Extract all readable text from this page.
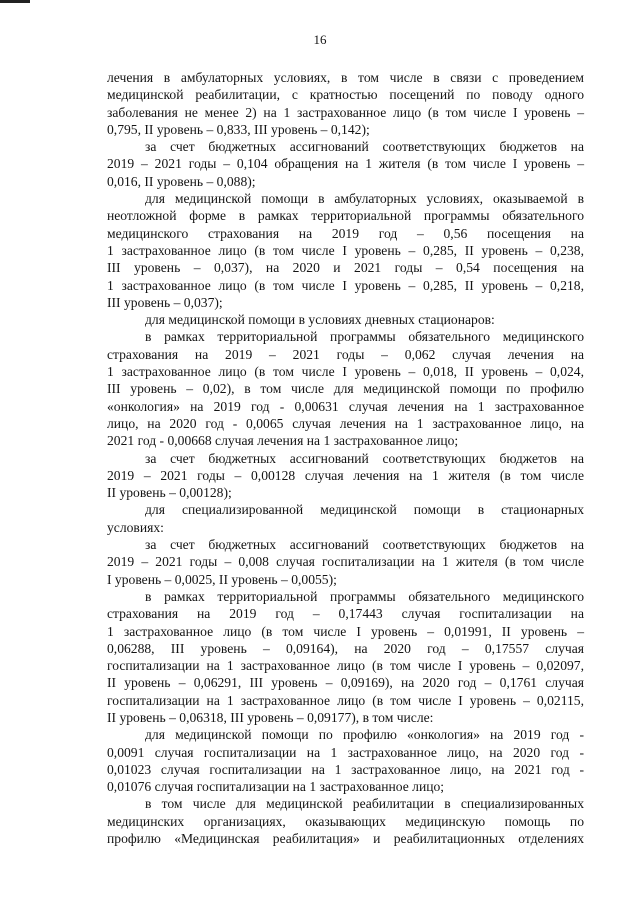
16
лечения в амбулаторных условиях, в том числе в связи с проведением
медицинской реабилитации, с кратностью посещений по поводу одного
заболевания не менее 2) на 1 застрахованное лицо (в том числе I уровень –
0,795, II уровень – 0,833, III уровень – 0,142);
за счет бюджетных ассигнований соответствующих бюджетов на
2019 – 2021 годы – 0,104 обращения на 1 жителя (в том числе I уровень –
0,016, II уровень – 0,088);
для медицинской помощи в амбулаторных условиях, оказываемой в
неотложной форме в рамках территориальной программы обязательного
медицинского страхования на 2019 год – 0,56 посещения на
1 застрахованное лицо (в том числе I уровень – 0,285, II уровень – 0,238,
III уровень – 0,037), на 2020 и 2021 годы – 0,54 посещения на
1 застрахованное лицо (в том числе I уровень – 0,285, II уровень – 0,218,
III уровень – 0,037);
для медицинской помощи в условиях дневных стационаров:
в рамках территориальной программы обязательного медицинского
страхования на 2019 – 2021 годы – 0,062 случая лечения на
1 застрахованное лицо (в том числе I уровень – 0,018, II уровень – 0,024,
III уровень – 0,02), в том числе для медицинской помощи по профилю
«онкология» на 2019 год - 0,00631 случая лечения на 1 застрахованное
лицо, на 2020 год - 0,0065 случая лечения на 1 застрахованное лицо, на
2021 год - 0,00668 случая лечения на 1 застрахованное лицо;
за счет бюджетных ассигнований соответствующих бюджетов на
2019 – 2021 годы – 0,00128 случая лечения на 1 жителя (в том числе
II уровень – 0,00128);
для специализированной медицинской помощи в стационарных
условиях:
за счет бюджетных ассигнований соответствующих бюджетов на
2019 – 2021 годы – 0,008 случая госпитализации на 1 жителя (в том числе
I уровень – 0,0025, II уровень – 0,0055);
в рамках территориальной программы обязательного медицинского
страхования на 2019 год – 0,17443 случая госпитализации на
1 застрахованное лицо (в том числе I уровень – 0,01991, II уровень –
0,06288, III уровень – 0,09164), на 2020 год – 0,17557 случая
госпитализации на 1 застрахованное лицо (в том числе I уровень – 0,02097,
II уровень – 0,06291, III уровень – 0,09169), на 2020 год – 0,1761 случая
госпитализации на 1 застрахованное лицо (в том числе I уровень – 0,02115,
II уровень – 0,06318, III уровень – 0,09177), в том числе:
для медицинской помощи по профилю «онкология» на 2019 год -
0,0091 случая госпитализации на 1 застрахованное лицо, на 2020 год -
0,01023 случая госпитализации на 1 застрахованное лицо, на 2021 год -
0,01076 случая госпитализации на 1 застрахованное лицо;
в том числе для медицинской реабилитации в специализированных
медицинских организациях, оказывающих медицинскую помощь по
профилю «Медицинская реабилитация» и реабилитационных отделениях
